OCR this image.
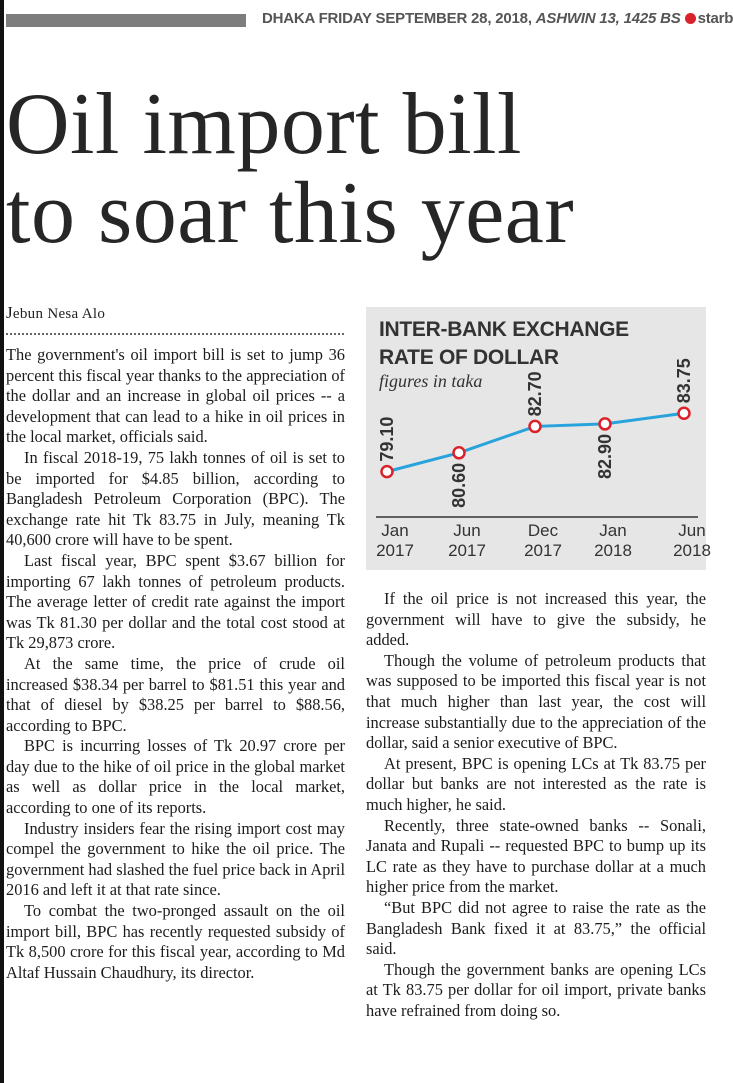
DHAKA FRIDAY SEPTEMBER 28, 2018, ASHWIN 13, 1425 BS starb
Oil import bill
to soar this year
Jebun Nesa Alo

The government's oil import bill is set to jump 36 percent this fiscal year thanks to the appreciation of the dollar and an increase in global oil prices -- a development that can lead to a hike in oil prices in the local market, officials said.

In fiscal 2018-19, 75 lakh tonnes of oil is set to be imported for $4.85 billion, according to Bangladesh Petroleum Corporation (BPC). The exchange rate hit Tk 83.75 in July, meaning Tk 40,600 crore will have to be spent.

Last fiscal year, BPC spent $3.67 billion for importing 67 lakh tonnes of petroleum products. The average letter of credit rate against the import was Tk 81.30 per dollar and the total cost stood at Tk 29,873 crore.

At the same time, the price of crude oil increased $38.34 per barrel to $81.51 this year and that of diesel by $38.25 per barrel to $88.56, according to BPC.

BPC is incurring losses of Tk 20.97 crore per day due to the hike of oil price in the global market as well as dollar price in the local market, according to one of its reports.

Industry insiders fear the rising import cost may compel the government to hike the oil price. The government had slashed the fuel price back in April 2016 and left it at that rate since.

To combat the two-pronged assault on the oil import bill, BPC has recently requested subsidy of Tk 8,500 crore for this fiscal year, according to Md Altaf Hussain Chaudhury, its director.

INTER-BANK EXCHANGE
RATE OF DOLLAR
figures in taka
79.10
80.60
82.70
82.90
83.75
Jan
2017
Jun
2017
Dec
2017
Jan
2018
Jun
2018

If the oil price is not increased this year, the government will have to give the subsidy, he added.

Though the volume of petroleum products that was supposed to be imported this fiscal year is not that much higher than last year, the cost will increase substantially due to the appreciation of the dollar, said a senior executive of BPC.

At present, BPC is opening LCs at Tk 83.75 per dollar but banks are not interested as the rate is much higher, he said.

Recently, three state-owned banks -- Sonali, Janata and Rupali -- requested BPC to bump up its LC rate as they have to purchase dollar at a much higher price from the market.

“But BPC did not agree to raise the rate as the Bangladesh Bank fixed it at 83.75,” the official said.

Though the government banks are opening LCs at Tk 83.75 per dollar for oil import, private banks have refrained from doing so.
